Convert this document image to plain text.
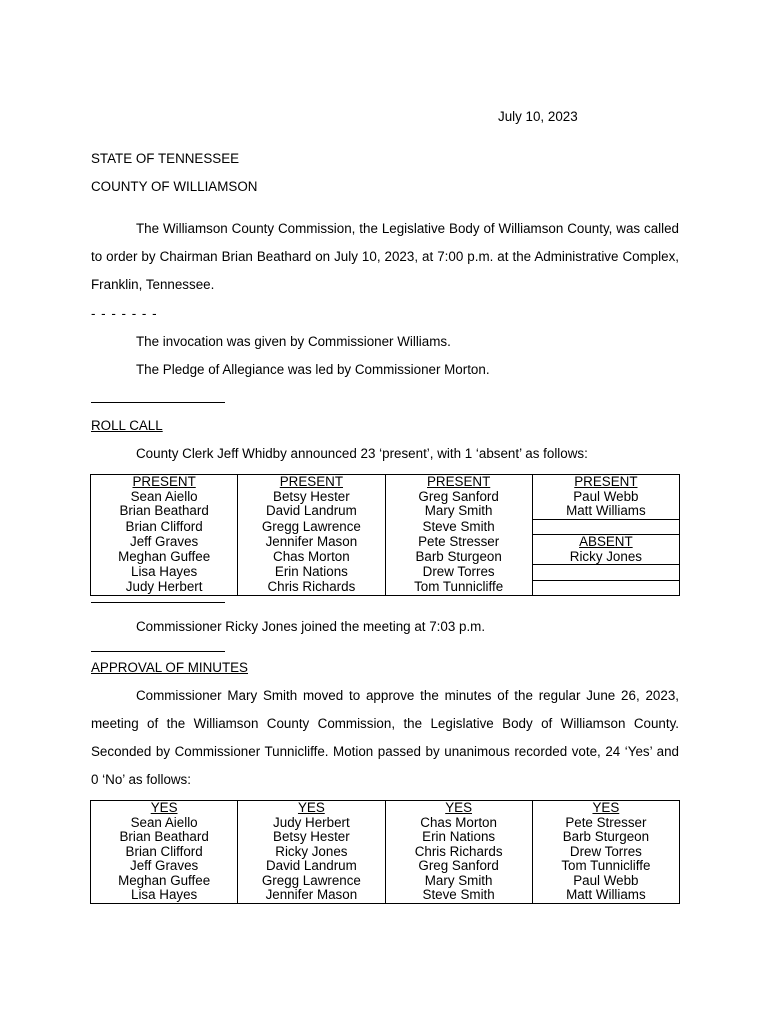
July 10, 2023
STATE OF TENNESSEE
COUNTY OF WILLIAMSON
The Williamson County Commission, the Legislative Body of Williamson County, was called to order by Chairman Brian Beathard on July 10, 2023, at 7:00 p.m. at the Administrative Complex, Franklin, Tennessee.
- - - - - - -
The invocation was given by Commissioner Williams.
The Pledge of Allegiance was led by Commissioner Morton.
ROLL CALL
County Clerk Jeff Whidby announced 23 ‘present’, with 1 ‘absent’ as follows:
PRESENT	PRESENT	PRESENT	PRESENT
Sean Aiello	Betsy Hester	Greg Sanford	Paul Webb
Brian Beathard	David Landrum	Mary Smith	Matt Williams
Brian Clifford	Gregg Lawrence	Steve Smith	
Jeff Graves	Jennifer Mason	Pete Stresser	ABSENT
Meghan Guffee	Chas Morton	Barb Sturgeon	Ricky Jones
Lisa Hayes	Erin Nations	Drew Torres	
Judy Herbert	Chris Richards	Tom Tunnicliffe	
Commissioner Ricky Jones joined the meeting at 7:03 p.m.
APPROVAL OF MINUTES
Commissioner Mary Smith moved to approve the minutes of the regular June 26, 2023, meeting of the Williamson County Commission, the Legislative Body of Williamson County. Seconded by Commissioner Tunnicliffe. Motion passed by unanimous recorded vote, 24 ‘Yes’ and 0 ‘No’ as follows:
YES	YES	YES	YES
Sean Aiello	Judy Herbert	Chas Morton	Pete Stresser
Brian Beathard	Betsy Hester	Erin Nations	Barb Sturgeon
Brian Clifford	Ricky Jones	Chris Richards	Drew Torres
Jeff Graves	David Landrum	Greg Sanford	Tom Tunnicliffe
Meghan Guffee	Gregg Lawrence	Mary Smith	Paul Webb
Lisa Hayes	Jennifer Mason	Steve Smith	Matt Williams
